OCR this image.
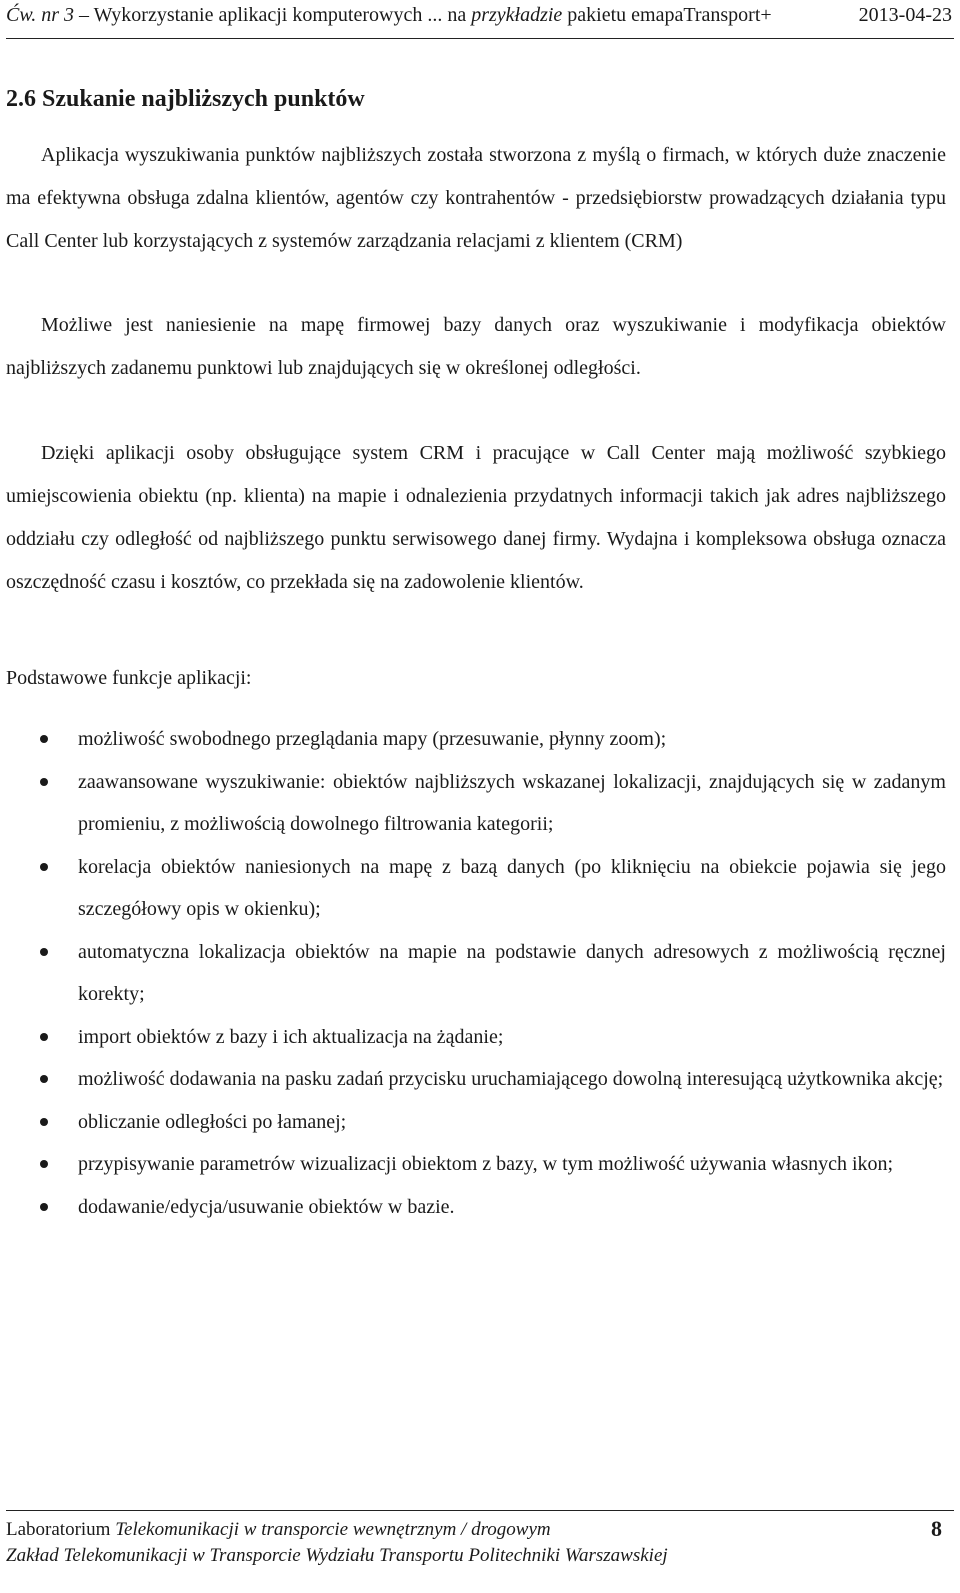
Ćw. nr 3 – Wykorzystanie aplikacji komputerowych ... na przykładzie pakietu emapaTransport+	2013-04-23
2.6 Szukanie najbliższych punktów

Aplikacja wyszukiwania punktów najbliższych została stworzona z myślą o firmach, w których duże znaczenie ma efektywna obsługa zdalna klientów, agentów czy kontrahentów - przedsiębiorstw prowadzących działania typu Call Center lub korzystających z systemów zarządzania relacjami z klientem (CRM)

Możliwe jest naniesienie na mapę firmowej bazy danych oraz wyszukiwanie i modyfikacja obiektów najbliższych zadanemu punktowi lub znajdujących się w określonej odległości.

Dzięki aplikacji osoby obsługujące system CRM i pracujące w Call Center mają możliwość szybkiego umiejscowienia obiektu (np. klienta) na mapie i odnalezienia przydatnych informacji takich jak adres najbliższego oddziału czy odległość od najbliższego punktu serwisowego danej firmy. Wydajna i kompleksowa obsługa oznacza oszczędność czasu i kosztów, co przekłada się na zadowolenie klientów.

Podstawowe funkcje aplikacji:
możliwość swobodnego przeglądania mapy (przesuwanie, płynny zoom);
zaawansowane wyszukiwanie: obiektów najbliższych wskazanej lokalizacji, znajdujących się w zadanym promieniu, z możliwością dowolnego filtrowania kategorii;
korelacja obiektów naniesionych na mapę z bazą danych (po kliknięciu na obiekcie pojawia się jego szczegółowy opis w okienku);
automatyczna lokalizacja obiektów na mapie na podstawie danych adresowych z możliwością ręcznej korekty;
import obiektów z bazy i ich aktualizacja na żądanie;
możliwość dodawania na pasku zadań przycisku uruchamiającego dowolną interesującą użytkownika akcję;
obliczanie odległości po łamanej;
przypisywanie parametrów wizualizacji obiektom z bazy, w tym możliwość używania własnych ikon;
dodawanie/edycja/usuwanie obiektów w bazie.
Laboratorium Telekomunikacji w transporcie wewnętrznym / drogowym
Zakład Telekomunikacji w Transporcie Wydziału Transportu Politechniki Warszawskiej
8
